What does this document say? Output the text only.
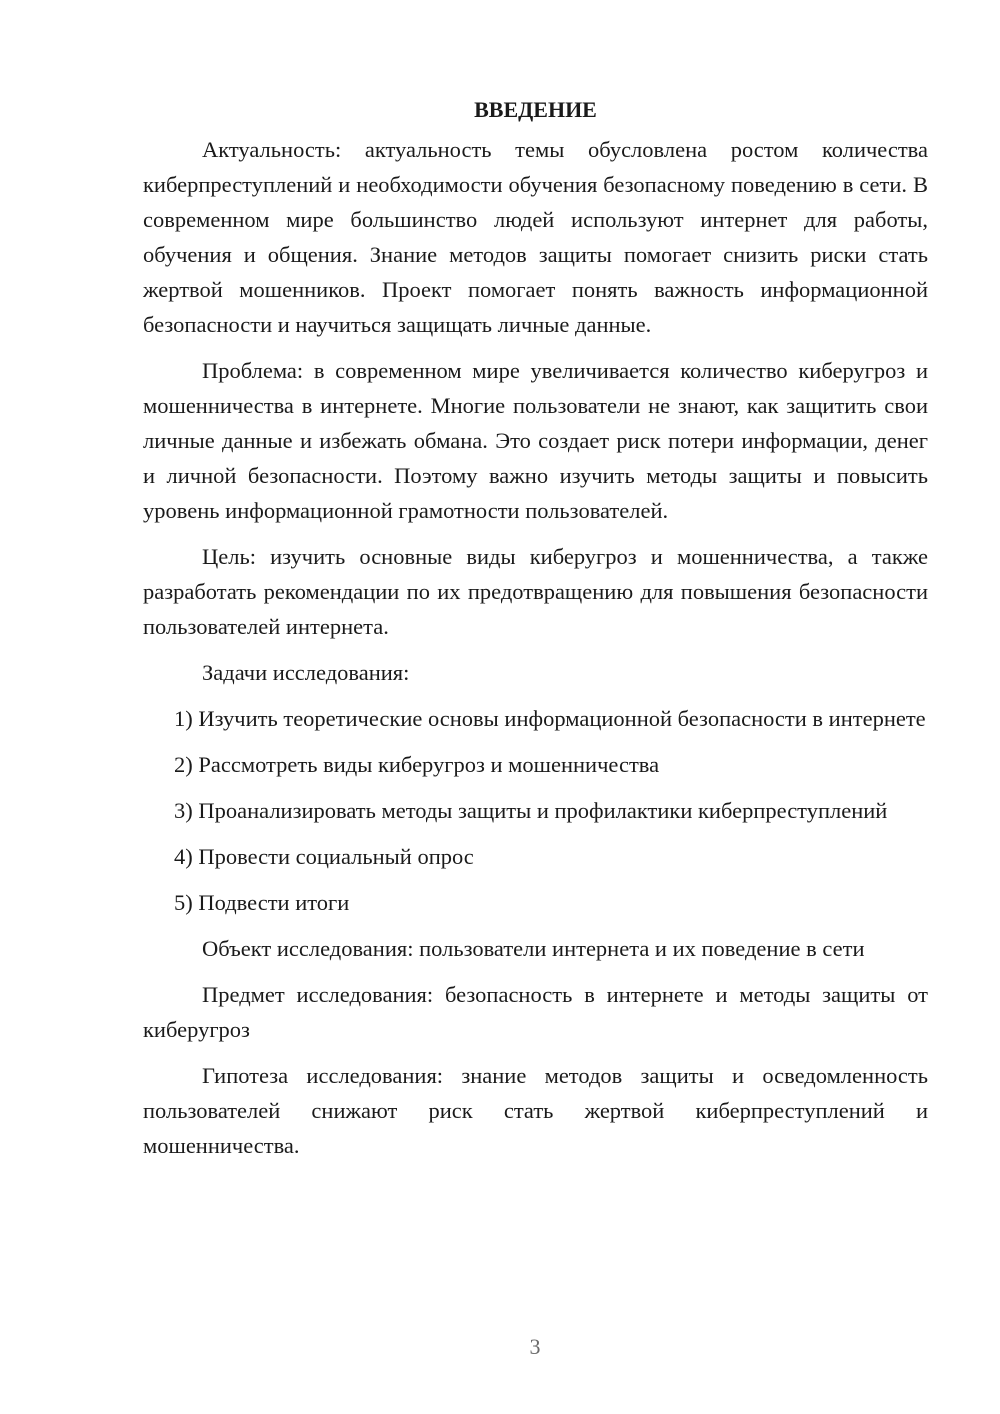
ВВЕДЕНИЕ

Актуальность: актуальность темы обусловлена ростом количества киберпреступлений и необходимости обучения безопасному поведению в сети. В современном мире большинство людей используют интернет для работы, обучения и общения. Знание методов защиты помогает снизить риски стать жертвой мошенников. Проект помогает понять важность информационной безопасности и научиться защищать личные данные.

Проблема: в современном мире увеличивается количество киберугроз и мошенничества в интернете. Многие пользователи не знают, как защитить свои личные данные и избежать обмана. Это создает риск потери информации, денег и личной безопасности. Поэтому важно изучить методы защиты и повысить уровень информационной грамотности пользователей.

Цель: изучить основные виды киберугроз и мошенничества, а также разработать рекомендации по их предотвращению для повышения безопасности пользователей интернета.

Задачи исследования:

1) Изучить теоретические основы информационной безопасности в интернете

2) Рассмотреть виды киберугроз и мошенничества

3) Проанализировать методы защиты и профилактики киберпреступлений

4) Провести социальный опрос

5) Подвести итоги

Объект исследования: пользователи интернета и их поведение в сети

Предмет исследования: безопасность в интернете и методы защиты от киберугроз

Гипотеза исследования: знание методов защиты и осведомленность пользователей снижают риск стать жертвой киберпреступлений и мошенничества.

3
